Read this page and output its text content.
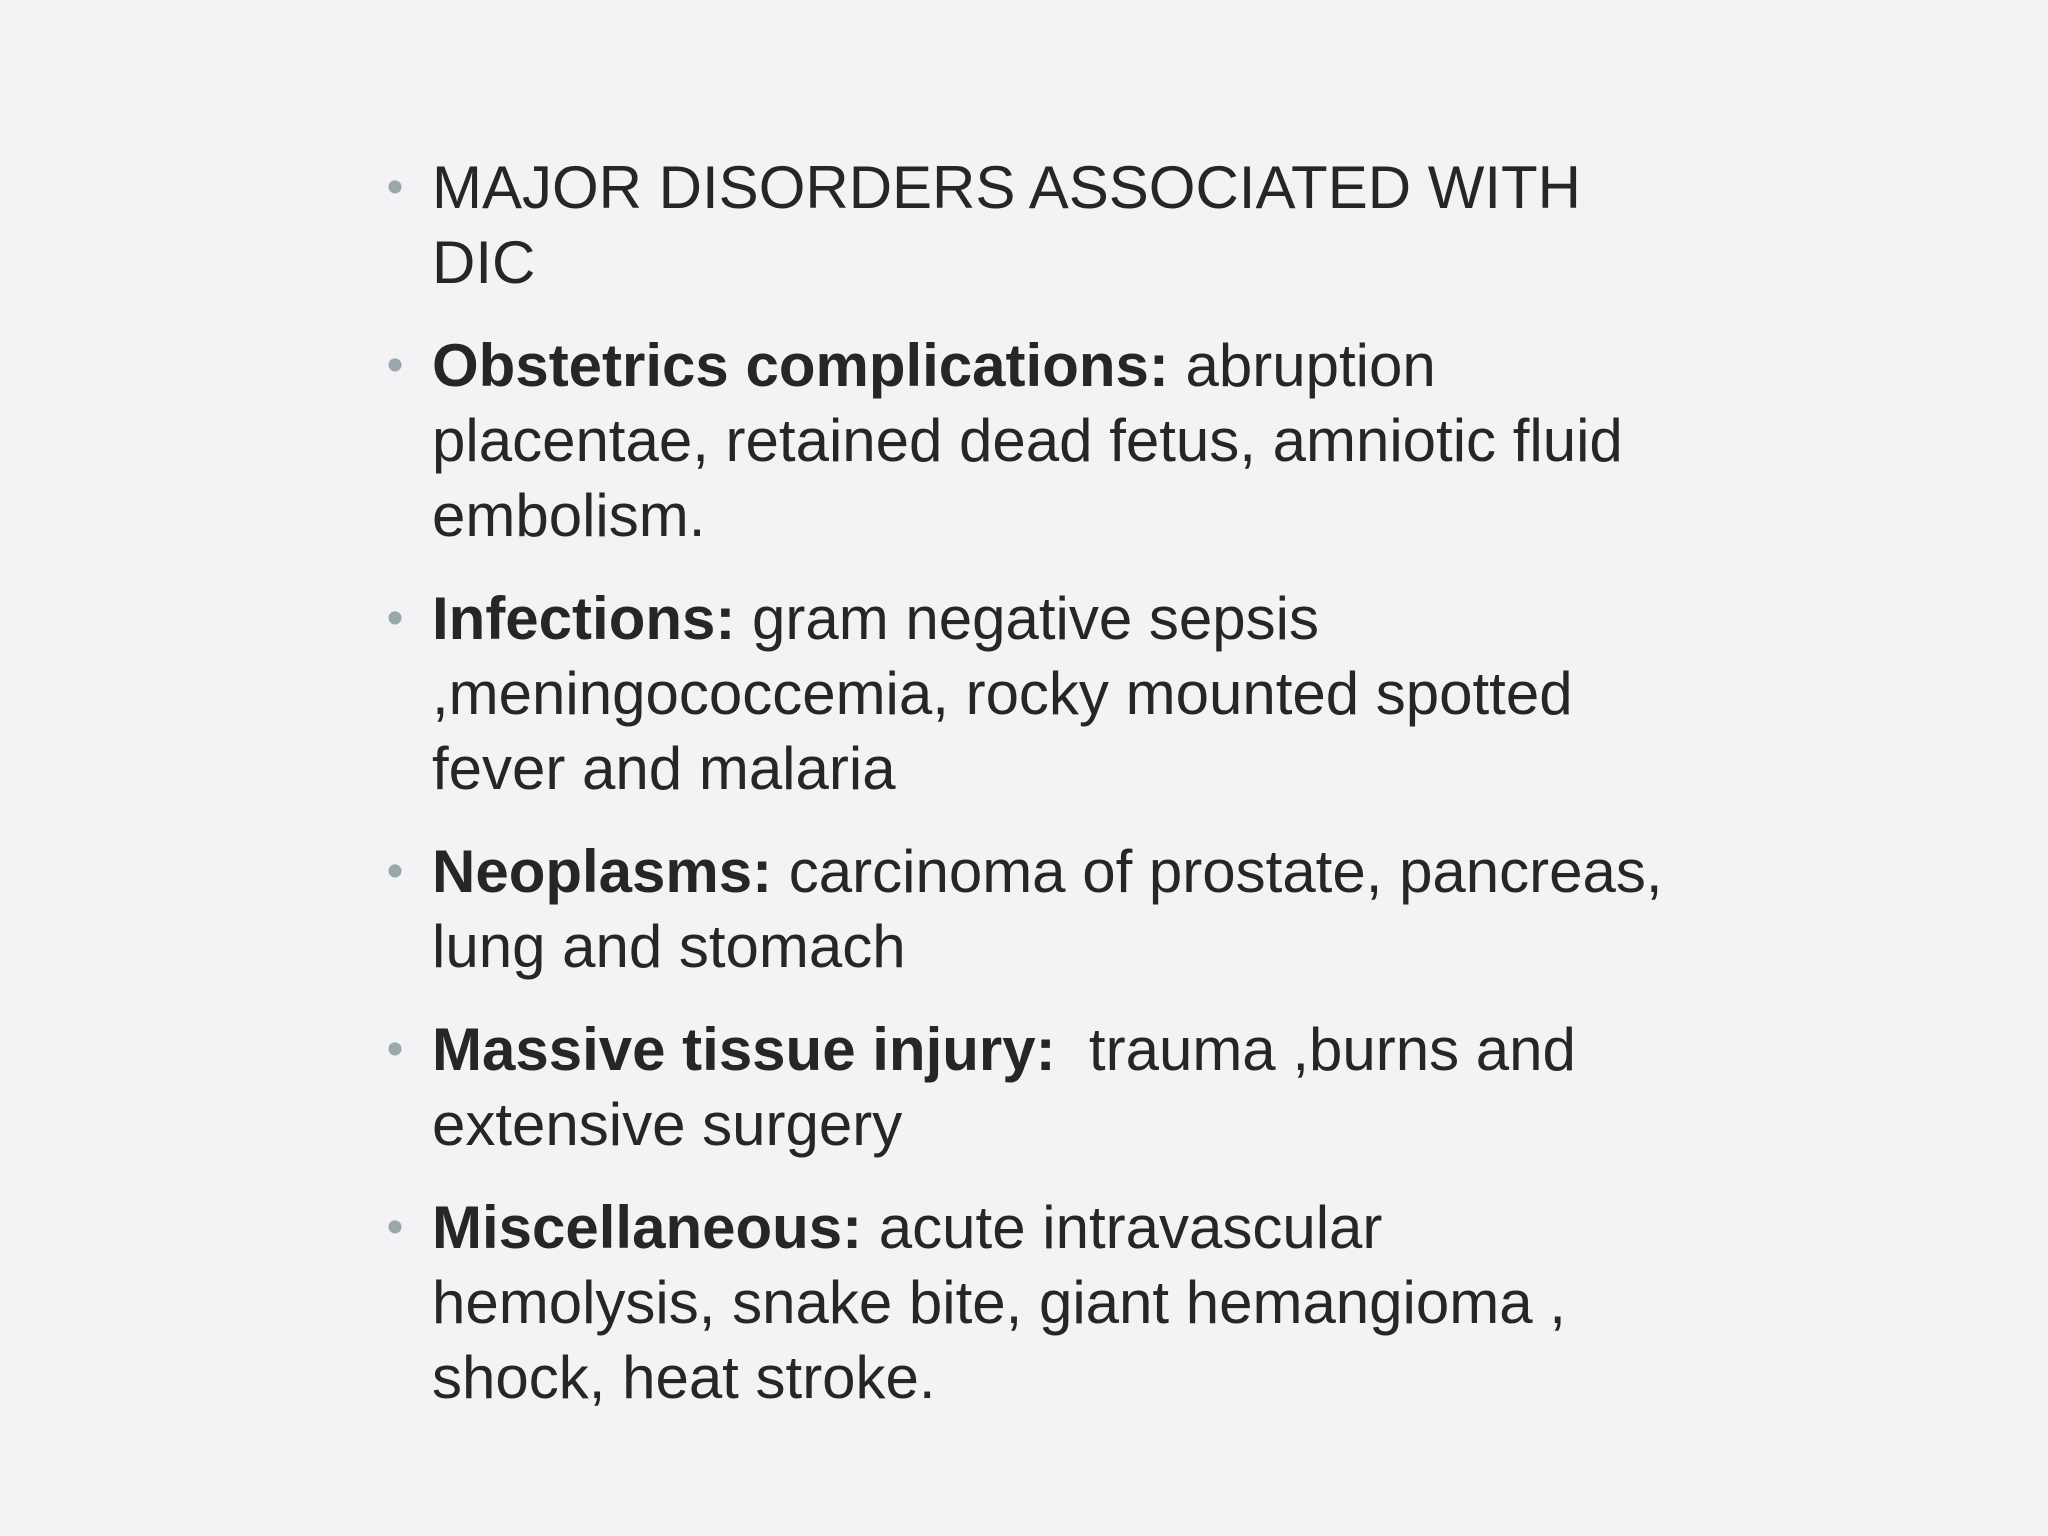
• MAJOR DISORDERS ASSOCIATED WITH DIC
• Obstetrics complications: abruption placentae, retained dead fetus, amniotic fluid embolism.
• Infections: gram negative sepsis ,meningococcemia, rocky mounted spotted fever and malaria
• Neoplasms: carcinoma of prostate, pancreas, lung and stomach
• Massive tissue injury:  trauma ,burns and extensive surgery
• Miscellaneous: acute intravascular hemolysis, snake bite, giant hemangioma , shock, heat stroke.
